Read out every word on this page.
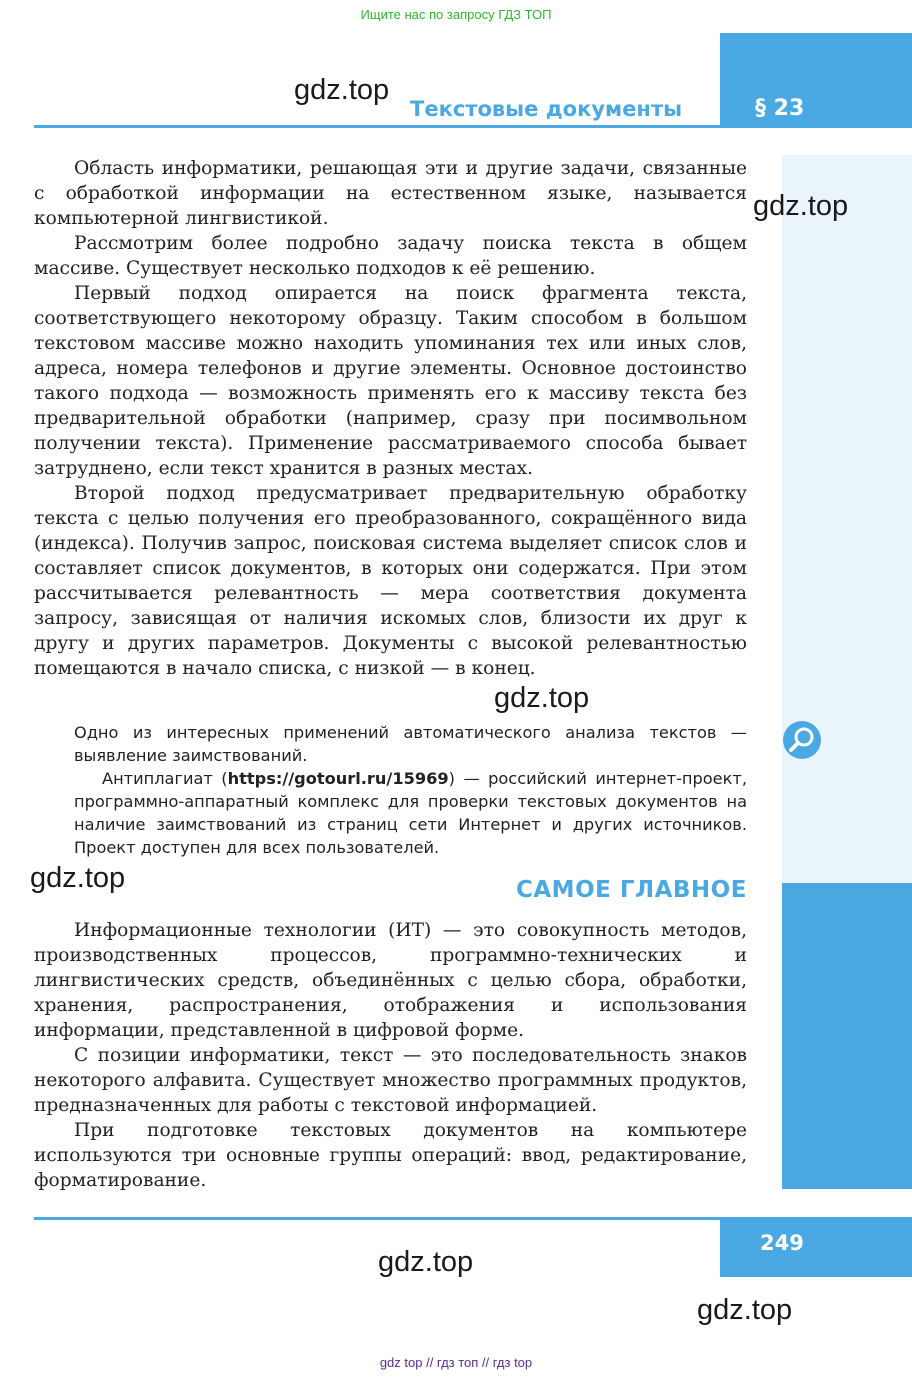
Ищите нас по запросу ГДЗ ТОП
§ 23
Текстовые документы
gdz.top
gdz.top
gdz.top
gdz.top
gdz.top
gdz.top

Область информатики, решающая эти и другие задачи, связанные с обработкой информации на естественном языке, называется компьютерной лингвистикой.

Рассмотрим более подробно задачу поиска текста в общем массиве. Существует несколько подходов к её решению.

Первый подход опирается на поиск фрагмента текста, соответствующего некоторому образцу. Таким способом в большом текстовом массиве можно находить упоминания тех или иных слов, адреса, номера телефонов и другие элементы. Основное достоинство такого подхода — возможность применять его к массиву текста без предварительной обработки (например, сразу при посимвольном получении текста). Применение рассматриваемого способа бывает затруднено, если текст хранится в разных местах.

Второй подход предусматривает предварительную обработку текста с целью получения его преобразованного, сокращённого вида (индекса). Получив запрос, поисковая система выделяет список слов и составляет список документов, в которых они содержатся. При этом рассчитывается релевантность — мера соответствия документа запросу, зависящая от наличия искомых слов, близости их друг к другу и других параметров. Документы с высокой релевантностью помещаются в начало списка, с низкой — в конец.

Одно из интересных применений автоматического анализа текстов — выявление заимствований.

Антиплагиат (https://gotourl.ru/15969) — российский интернет-проект, программно-аппаратный комплекс для проверки текстовых документов на наличие заимствований из страниц сети Интернет и других источников. Проект доступен для всех пользователей.

САМОЕ ГЛАВНОЕ

Информационные технологии (ИТ) — это совокупность методов, производственных процессов, программно-технических и лингвистических средств, объединённых с целью сбора, обработки, хранения, распространения, отображения и использования информации, представленной в цифровой форме.

С позиции информатики, текст — это последовательность знаков некоторого алфавита. Существует множество программных продуктов, предназначенных для работы с текстовой информацией.

При подготовке текстовых документов на компьютере используются три основные группы операций: ввод, редактирование, форматирование.

249
gdz top // гдз топ // гдз top
